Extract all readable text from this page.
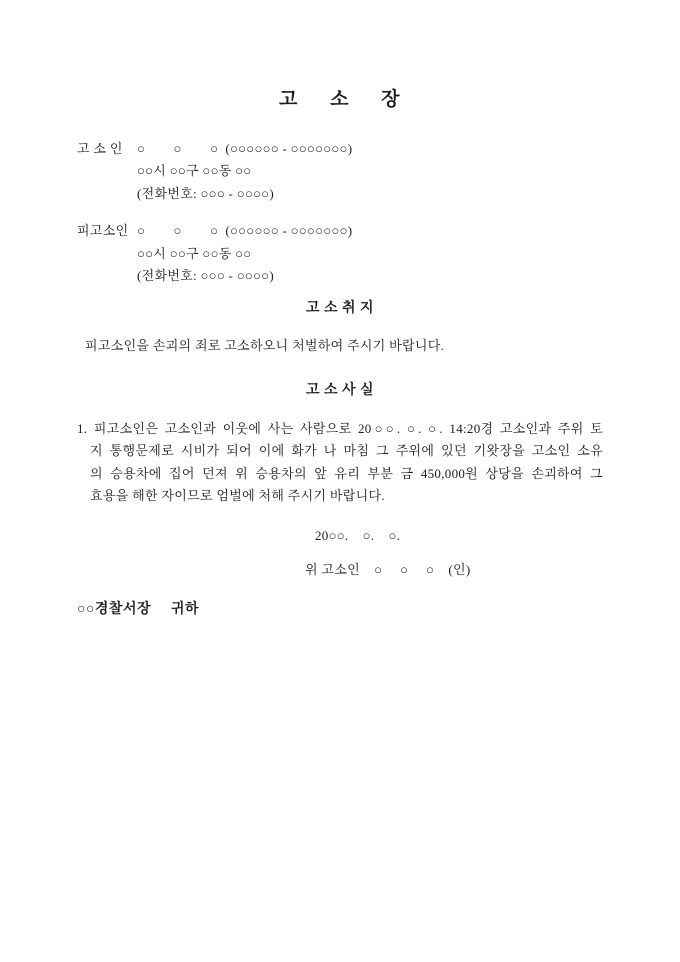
고     소     장
고 소 인	○        ○        ○  (○○○○○○ - ○○○○○○○)
○○시 ○○구 ○○동 ○○
(전화번호: ○○○ - ○○○○)
피고소인 ○        ○        ○  (○○○○○○ - ○○○○○○○)
○○시 ○○구 ○○동 ○○
(전화번호: ○○○ - ○○○○)
고 소 취 지
피고소인을 손괴의 죄로 고소하오니 처벌하여 주시기 바랍니다.
고 소 사 실
1. 피고소인은 고소인과 이웃에 사는 사람으로 20○○. ○. ○. 14:20경 고소인과 주위 토
지 통행문제로 시비가 되어 이에 화가 나 마침 그 주위에 있던 기왓장을 고소인 소유
의 승용차에 집어 던져 위 승용차의 앞 유리 부분 금 450,000원 상당을 손괴하여 그
효용을 해한 자이므로 엄벌에 처해 주시기 바랍니다.
20○○.    ○.    ○.
위 고소인    ○     ○     ○    (인)
○○경찰서장     귀하
